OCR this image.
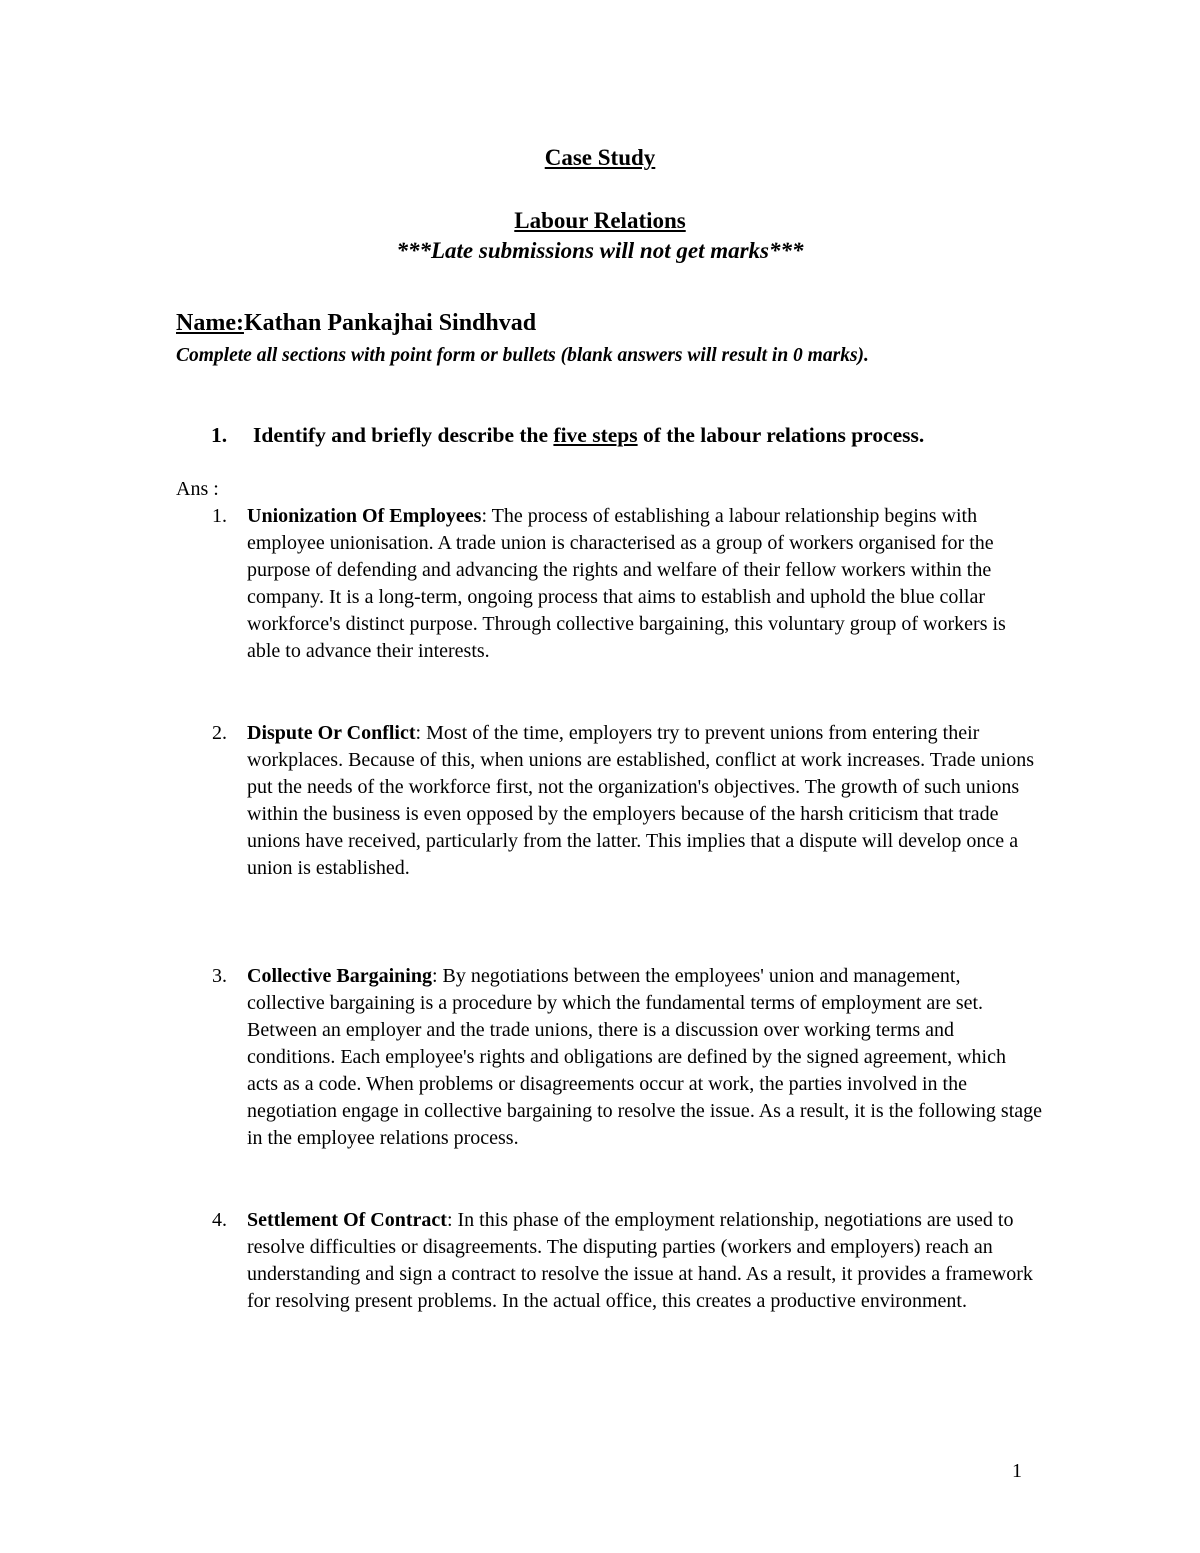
Case Study
Labour Relations
***Late submissions will not get marks***
Name:Kathan Pankajhai Sindhvad
Complete all sections with point form or bullets (blank answers will result in 0 marks).
1. Identify and briefly describe the five steps of the labour relations process.
Ans :
1. Unionization Of Employees: The process of establishing a labour relationship begins with employee unionisation. A trade union is characterised as a group of workers organised for the purpose of defending and advancing the rights and welfare of their fellow workers within the company. It is a long-term, ongoing process that aims to establish and uphold the blue collar workforce's distinct purpose. Through collective bargaining, this voluntary group of workers is able to advance their interests.
2. Dispute Or Conflict: Most of the time, employers try to prevent unions from entering their workplaces. Because of this, when unions are established, conflict at work increases. Trade unions put the needs of the workforce first, not the organization's objectives. The growth of such unions within the business is even opposed by the employers because of the harsh criticism that trade unions have received, particularly from the latter. This implies that a dispute will develop once a union is established.
3. Collective Bargaining: By negotiations between the employees' union and management, collective bargaining is a procedure by which the fundamental terms of employment are set. Between an employer and the trade unions, there is a discussion over working terms and conditions. Each employee's rights and obligations are defined by the signed agreement, which acts as a code. When problems or disagreements occur at work, the parties involved in the negotiation engage in collective bargaining to resolve the issue. As a result, it is the following stage in the employee relations process.
4. Settlement Of Contract: In this phase of the employment relationship, negotiations are used to resolve difficulties or disagreements. The disputing parties (workers and employers) reach an understanding and sign a contract to resolve the issue at hand. As a result, it provides a framework for resolving present problems. In the actual office, this creates a productive environment.
1
